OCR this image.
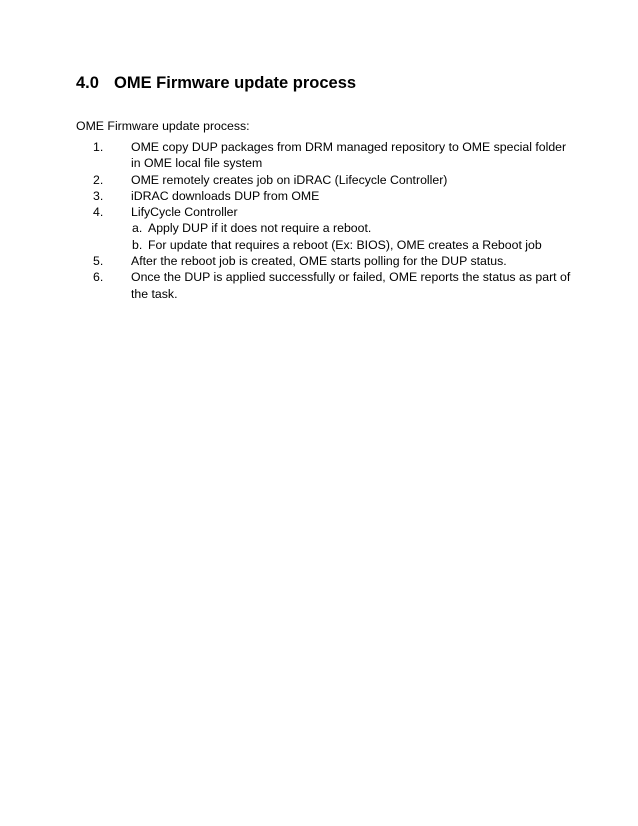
4.0 OME Firmware update process
OME Firmware update process:
1. OME copy DUP packages from DRM managed repository to OME special folder in OME local file system
2. OME remotely creates job on iDRAC (Lifecycle Controller)
3. iDRAC downloads DUP from OME
4. LifyCycle Controller
a. Apply DUP if it does not require a reboot.
b. For update that requires a reboot (Ex: BIOS), OME creates a Reboot job
5. After the reboot job is created, OME starts polling for the DUP status.
6. Once the DUP is applied successfully or failed, OME reports the status as part of the task.
